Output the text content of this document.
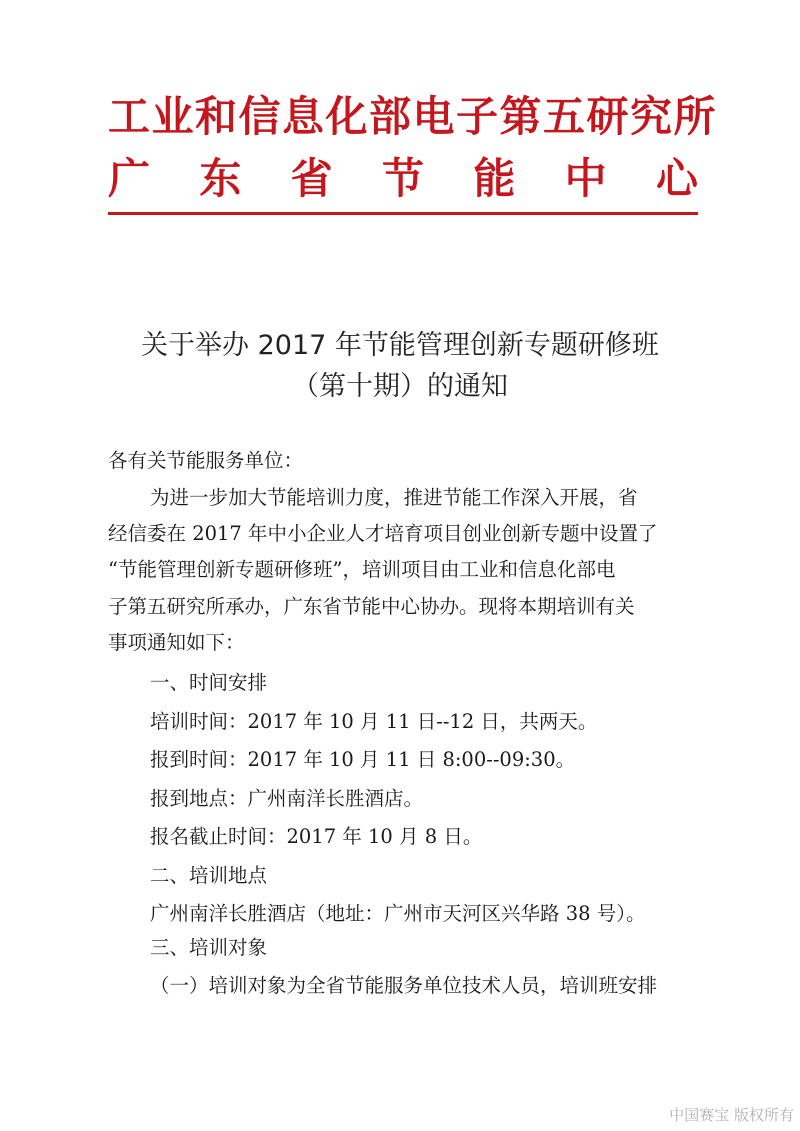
工业和信息化部电子第五研究所
广 东 省 节 能 中 心
关于举办 2017 年节能管理创新专题研修班
（第十期）的通知
各有关节能服务单位：
为进一步加大节能培训力度，推进节能工作深入开展，省
经信委在 2017 年中小企业人才培育项目创业创新专题中设置了
“节能管理创新专题研修班”，培训项目由工业和信息化部电
子第五研究所承办，广东省节能中心协办。现将本期培训有关
事项通知如下：
一、时间安排
培训时间：2017 年 10 月 11 日--12 日，共两天。
报到时间：2017 年 10 月 11 日 8:00--09:30。
报到地点：广州南洋长胜酒店。
报名截止时间：2017 年 10 月 8 日。
二、培训地点
广州南洋长胜酒店（地址：广州市天河区兴华路 38 号）。
三、培训对象
（一）培训对象为全省节能服务单位技术人员，培训班安排
中国赛宝 版权所有
